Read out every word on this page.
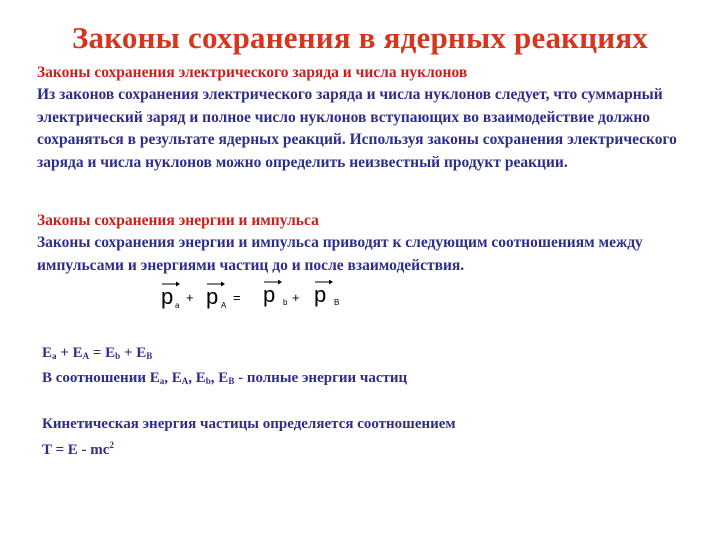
Законы сохранения в ядерных реакциях
Законы сохранения электрического заряда и числа нуклонов
Из законов сохранения электрического заряда и числа нуклонов следует, что суммарный электрический заряд и полное число нуклонов вступающих во взаимодействие должно сохраняться в результате ядерных реакций. Используя законы сохранения электрического заряда и числа нуклонов можно определить неизвестный продукт реакции.
Законы сохранения энергии и импульса
Законы сохранения энергии и импульса приводят к следующим соотношениям между импульсами и энергиями частиц до и после взаимодействия.
p a
+ p A
= p b + p B
$E_a + E_A = E_b + E_B$
В соотношении $E_a$, $E_A$, $E_b$, $E_B$ - полные энергии частиц
Кинетическая энергия частицы определяется соотношением
$T = E - mc^2$
